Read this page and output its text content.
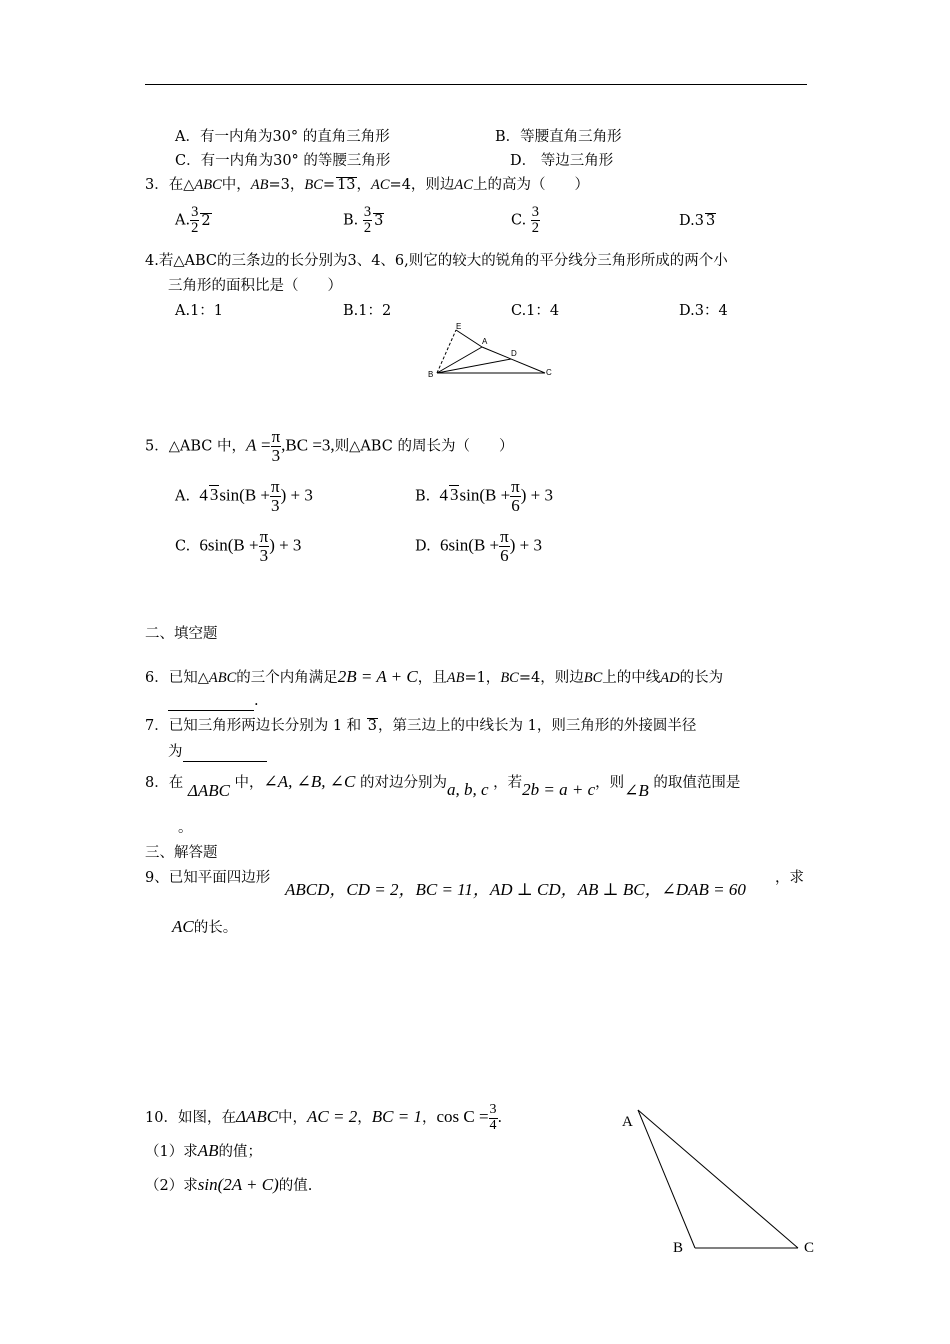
A．有一内角为30° 的直角三角形	B．等腰直角三角形
C．有一内角为30° 的等腰三角形	D． 等边三角形
3．在△ABC中，AB=3，BC= 13，AC=4，则边AC上的高为（　　）
A. $\frac{3}{2} 2$	B. $\frac{3}{2} 3$	C. $\frac{3}{2}$	D.3 3
4.若△ABC的三条边的长分别为3、4、6,则它的较大的锐角的平分线分三角形所成的两个小
三角形的面积比是（　　）
A.1：1	B.1：2	C.1：4	D.3：4
E
A
D
B	C
5．△ABC 中，$A = \frac{\pi}{3} ,BC =3$,则△ABC 的周长为（　　）
A. 4 $3\sin(B + \frac{\pi}{3}$ ) + 3	B. 4 $3\sin(B + \frac{\pi}{6}$ ) + 3
C. $6\sin(B + \frac{\pi}{3}$ ) + 3	D. $6\sin(B + \frac{\pi}{6}$ ) + 3
二、填空题
6．已知△ABC的三个内角满足2B = A + C，且AB=1，BC=4，则边BC上的中线AD的长为
.
7．已知三角形两边长分别为 1 和 3，第三边上的中线长为 1，则三角形的外接圆半径
为
8．在 ΔABC 中，∠A, ∠B, ∠C 的对边分别为a, b, c ，若2b = a + c，则∠B 的取值范围是
。
三、解答题
9、已知平面四边形
ABCD，CD = 2，BC = 11，AD ⊥ CD，AB ⊥ BC，∠DAB = 60
，求
AC的长。
10．如图，在ΔABC中，AC = 2，BC = 1，$\cos C = \frac{3}{4}$ .
（1）求AB的值；
（2）求sin(2A + C)的值.
A
B	C
